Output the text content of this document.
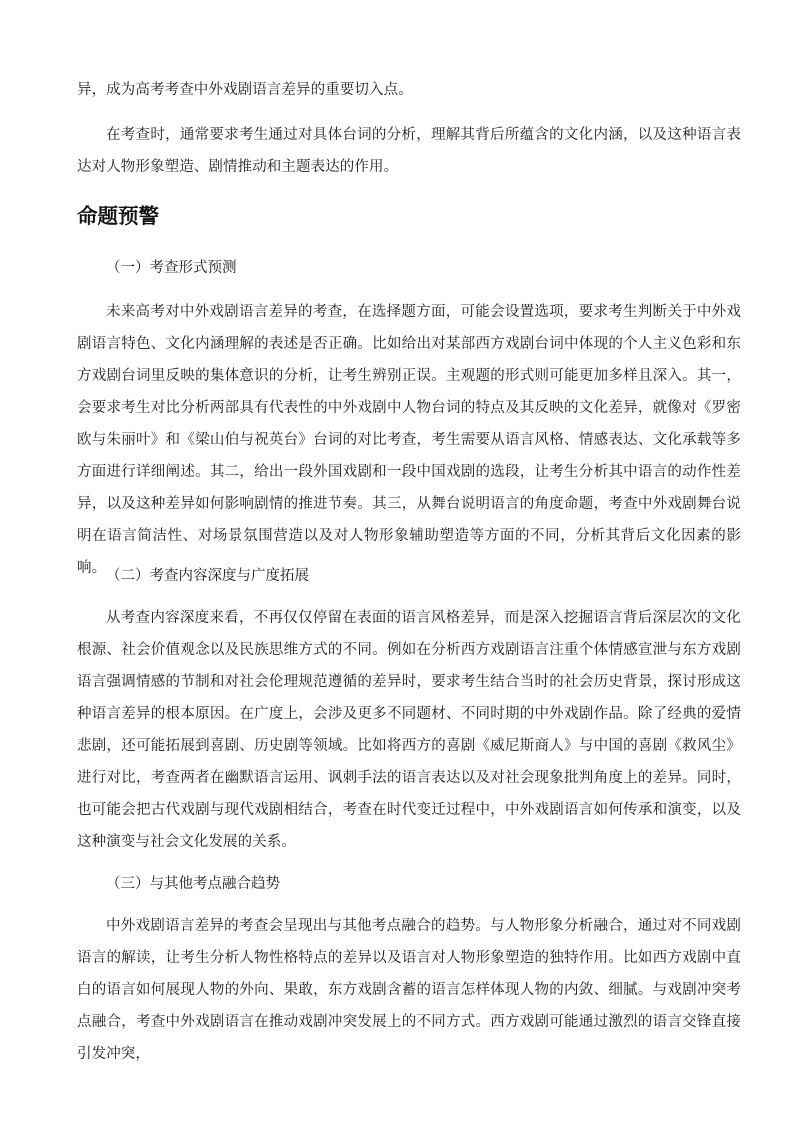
异，成为高考考查中外戏剧语言差异的重要切入点。

在考查时，通常要求考生通过对具体台词的分析，理解其背后所蕴含的文化内涵，以及这种语言表达对人物形象塑造、剧情推动和主题表达的作用。

命题预警

（一）考查形式预测

未来高考对中外戏剧语言差异的考查，在选择题方面，可能会设置选项，要求考生判断关于中外戏剧语言特色、文化内涵理解的表述是否正确。比如给出对某部西方戏剧台词中体现的个人主义色彩和东方戏剧台词里反映的集体意识的分析，让考生辨别正误。主观题的形式则可能更加多样且深入。其一，会要求考生对比分析两部具有代表性的中外戏剧中人物台词的特点及其反映的文化差异，就像对《罗密欧与朱丽叶》和《梁山伯与祝英台》台词的对比考查，考生需要从语言风格、情感表达、文化承载等多方面进行详细阐述。其二，给出一段外国戏剧和一段中国戏剧的选段，让考生分析其中语言的动作性差异，以及这种差异如何影响剧情的推进节奏。其三，从舞台说明语言的角度命题，考查中外戏剧舞台说明在语言简洁性、对场景氛围营造以及对人物形象辅助塑造等方面的不同，分析其背后文化因素的影响。 （二）考查内容深度与广度拓展

从考查内容深度来看，不再仅仅停留在表面的语言风格差异，而是深入挖掘语言背后深层次的文化根源、社会价值观念以及民族思维方式的不同。例如在分析西方戏剧语言注重个体情感宣泄与东方戏剧语言强调情感的节制和对社会伦理规范遵循的差异时，要求考生结合当时的社会历史背景，探讨形成这种语言差异的根本原因。在广度上，会涉及更多不同题材、不同时期的中外戏剧作品。除了经典的爱情悲剧，还可能拓展到喜剧、历史剧等领域。比如将西方的喜剧《威尼斯商人》与中国的喜剧《救风尘》进行对比，考查两者在幽默语言运用、讽刺手法的语言表达以及对社会现象批判角度上的差异。同时，也可能会把古代戏剧与现代戏剧相结合，考查在时代变迁过程中，中外戏剧语言如何传承和演变，以及这种演变与社会文化发展的关系。

（三）与其他考点融合趋势

中外戏剧语言差异的考查会呈现出与其他考点融合的趋势。与人物形象分析融合，通过对不同戏剧语言的解读，让考生分析人物性格特点的差异以及语言对人物形象塑造的独特作用。比如西方戏剧中直白的语言如何展现人物的外向、果敢，东方戏剧含蓄的语言怎样体现人物的内敛、细腻。与戏剧冲突考点融合，考查中外戏剧语言在推动戏剧冲突发展上的不同方式。西方戏剧可能通过激烈的语言交锋直接引发冲突，
